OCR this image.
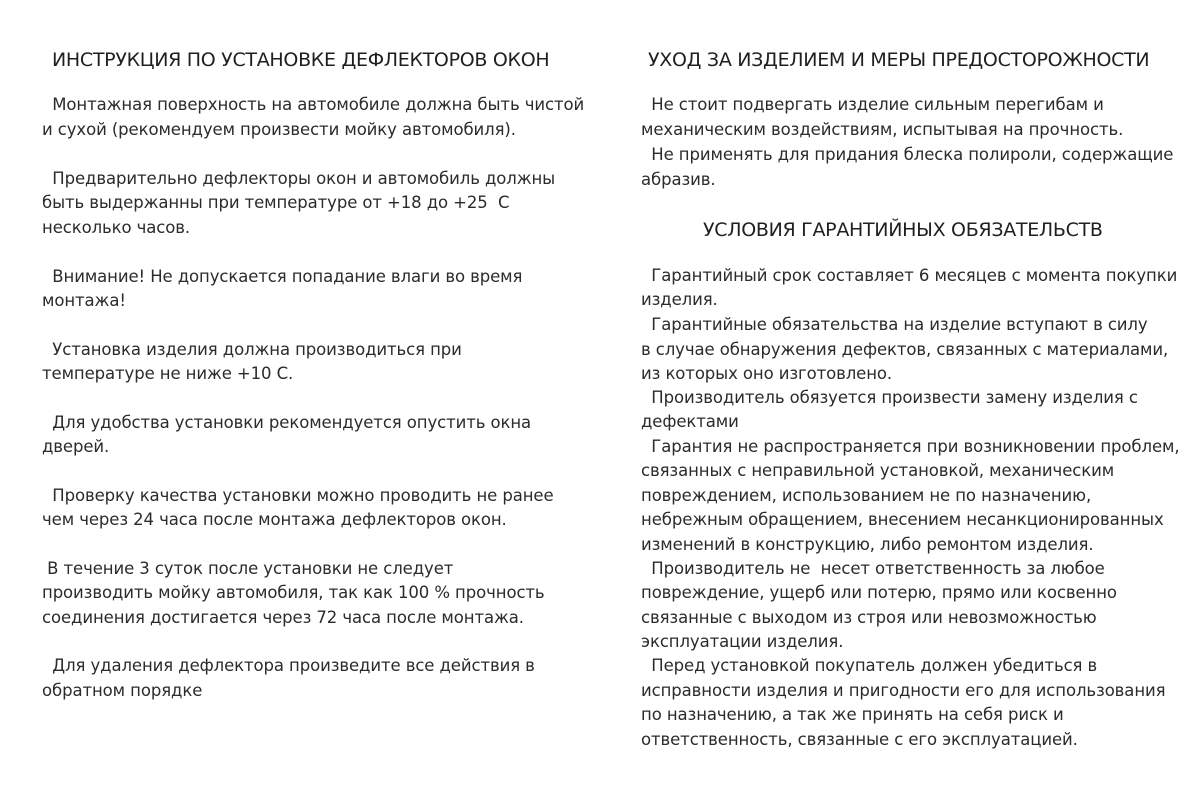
ИНСТРУКЦИЯ ПО УСТАНОВКЕ ДЕФЛЕКТОРОВ ОКОН

Монтажная поверхность на автомобиле должна быть чистой

и сухой (рекомендуем произвести мойку автомобиля).

Предварительно дефлекторы окон и автомобиль должны

быть выдержанны при температуре от +18 до +25  С

несколько часов.

Внимание! Не допускается попадание влаги во время

монтажа!

Установка изделия должна производиться при

температуре не ниже +10 С.

Для удобства установки рекомендуется опустить окна

дверей.

Проверку качества установки можно проводить не ранее

чем через 24 часа после монтажа дефлекторов окон.

В течение 3 суток после установки не следует

производить мойку автомобиля, так как 100 % прочность

соединения достигается через 72 часа после монтажа.

Для удаления дефлектора произведите все действия в

обратном порядке

УХОД ЗА ИЗДЕЛИЕМ И МЕРЫ ПРЕДОСТОРОЖНОСТИ

Не стоит подвергать изделие сильным перегибам и

механическим воздействиям, испытывая на прочность.

Не применять для придания блеска полироли, содержащие

абразив.

УСЛОВИЯ ГАРАНТИЙНЫХ ОБЯЗАТЕЛЬСТВ

Гарантийный срок составляет 6 месяцев с момента покупки

изделия.

Гарантийные обязательства на изделие вступают в силу

в случае обнаружения дефектов, связанных с материалами,

из которых оно изготовлено.

Производитель обязуется произвести замену изделия с

дефектами

Гарантия не распространяется при возникновении проблем,

связанных с неправильной установкой, механическим

повреждением, использованием не по назначению,

небрежным обращением, внесением несанкционированных

изменений в конструкцию, либо ремонтом изделия.

Производитель не  несет ответственность за любое

повреждение, ущерб или потерю, прямо или косвенно

связанные с выходом из строя или невозможностью

эксплуатации изделия.

Перед установкой покупатель должен убедиться в

исправности изделия и пригодности его для использования

по назначению, а так же принять на себя риск и

ответственность, связанные с его эксплуатацией.
